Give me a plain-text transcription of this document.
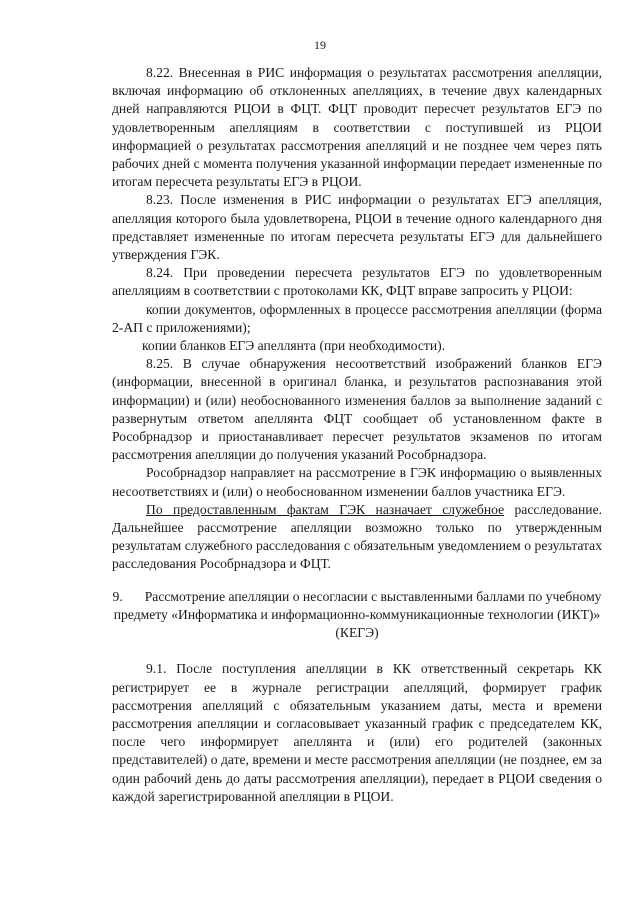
19

8.22. Внесенная в РИС информация о результатах рассмотрения апелляции, включая информацию об отклоненных апелляциях, в течение двух календарных дней направляются РЦОИ в ФЦТ. ФЦТ проводит пересчет результатов ЕГЭ по удовлетворенным апелляциям в соответствии с поступившей из РЦОИ информацией о результатах рассмотрения апелляций и не позднее чем через пять рабочих дней с момента получения указанной информации передает измененные по итогам пересчета результаты ЕГЭ в РЦОИ.

8.23. После изменения в РИС информации о результатах ЕГЭ апелляция, апелляция которого была удовлетворена, РЦОИ в течение одного календарного дня представляет измененные по итогам пересчета результаты ЕГЭ для дальнейшего утверждения ГЭК.

8.24. При проведении пересчета результатов ЕГЭ по удовлетворенным апелляциям в соответствии с протоколами КК, ФЦТ вправе запросить у РЦОИ:

копии документов, оформленных в процессе рассмотрения апелляции (форма 2-АП с приложениями);

копии бланков ЕГЭ апеллянта (при необходимости).

8.25. В случае обнаружения несоответствий изображений бланков ЕГЭ (информации, внесенной в оригинал бланка, и результатов распознавания этой информации) и (или) необоснованного изменения баллов за выполнение заданий с развернутым ответом апеллянта ФЦТ сообщает об установленном факте в Рособрнадзор и приостанавливает пересчет результатов экзаменов по итогам рассмотрения апелляции до получения указаний Рособрнадзора.

Рособрнадзор направляет на рассмотрение в ГЭК информацию о выявленных несоответствиях и (или) о необоснованном изменении баллов участника ЕГЭ.

По предоставленным фактам ГЭК назначает служебное расследование. Дальнейшее рассмотрение апелляции возможно только по утвержденным результатам служебного расследования с обязательным уведомлением о результатах расследования Рособрнадзора и ФЦТ.

9. Рассмотрение апелляции о несогласии с выставленными баллами по учебному предмету «Информатика и информационно-коммуникационные технологии (ИКТ)» (КЕГЭ)

9.1. После поступления апелляции в КК ответственный секретарь КК регистрирует ее в журнале регистрации апелляций, формирует график рассмотрения апелляций с обязательным указанием даты, места и времени рассмотрения апелляции и согласовывает указанный график с председателем КК, после чего информирует апеллянта и (или) его родителей (законных представителей) о дате, времени и месте рассмотрения апелляции (не позднее, ем за один рабочий день до даты рассмотрения апелляции), передает в РЦОИ сведения о каждой зарегистрированной апелляции в РЦОИ.
